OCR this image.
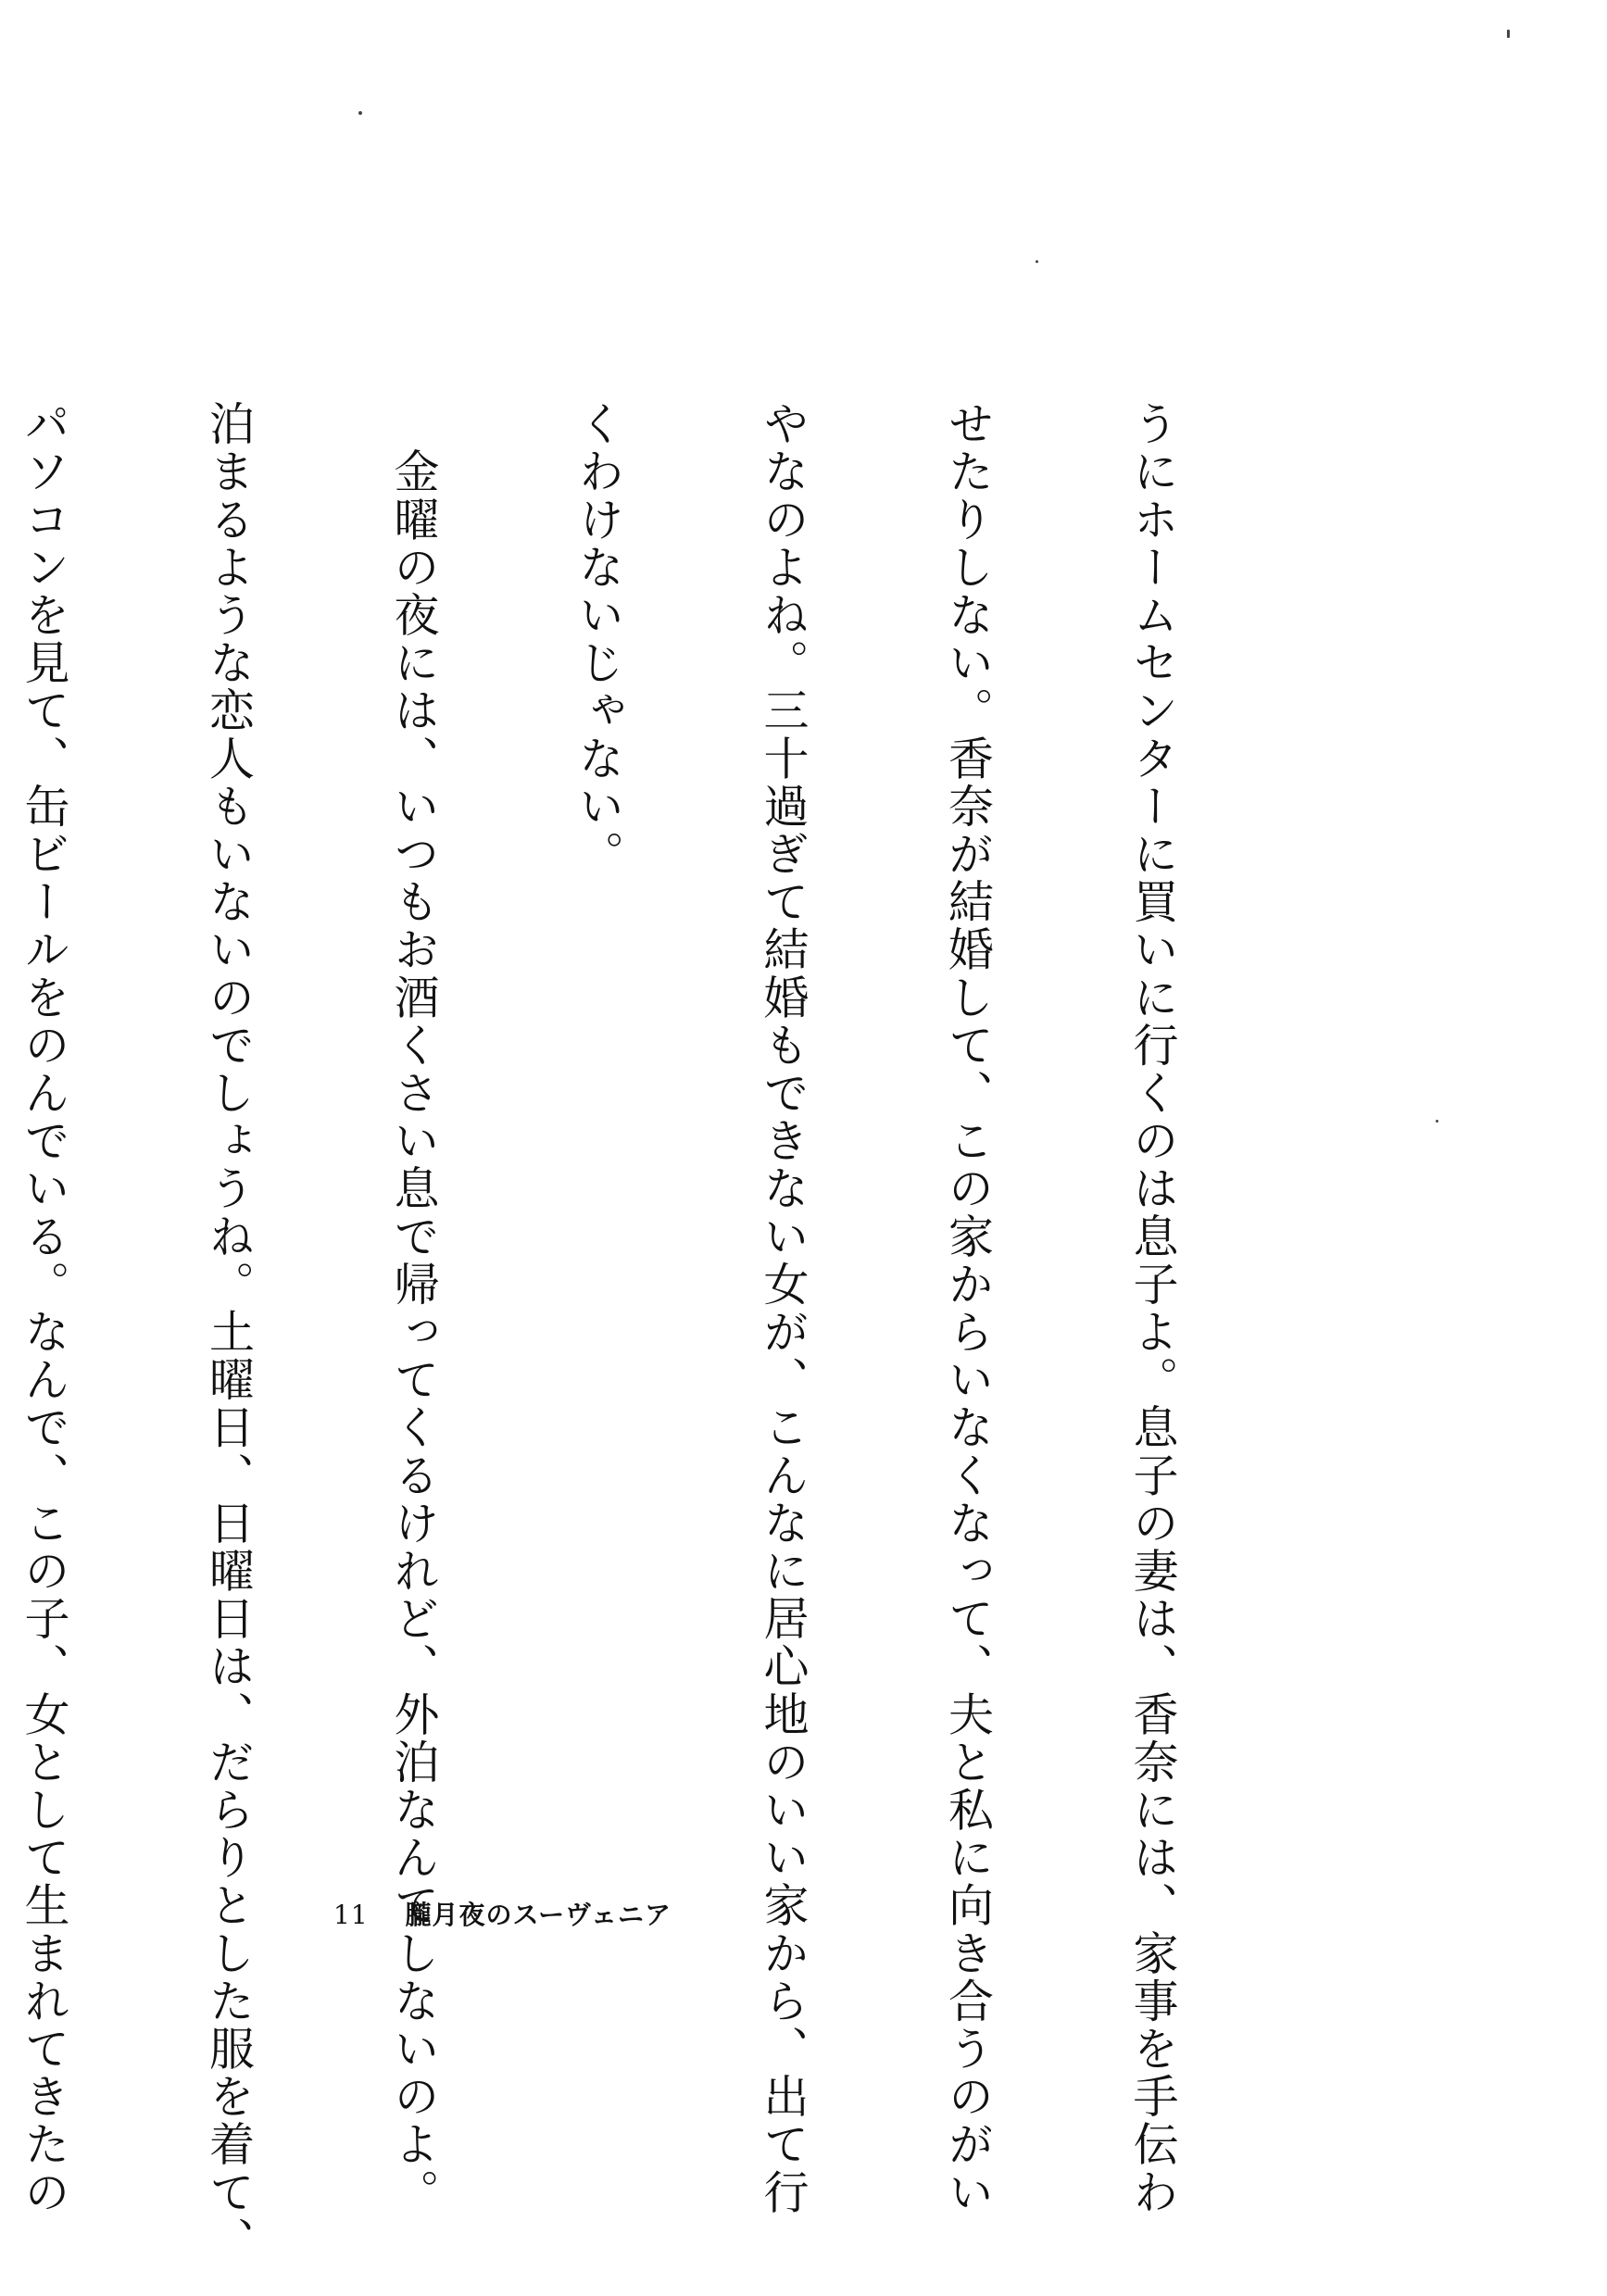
うにホームセンターに買いに行くのは息子よ。息子の妻は、香奈には、家事を手伝わ

せたりしない。香奈が結婚して、この家からいなくなって、夫と私に向き合うのがい

やなのよね。三十過ぎて結婚もできない女が、こんなに居心地のいい家から、出て行

くわけないじゃない。

　金曜の夜には、いつもお酒くさい息で帰ってくるけれど、外泊なんてしないのよ。

泊まるような恋人もいないのでしょうね。土曜日、日曜日は、だらりとした服を着て、

パソコンを見て、缶ビールをのんでいる。なんで、この子、女として生まれてきたの

	11 朧月夜のスーヴェニア
